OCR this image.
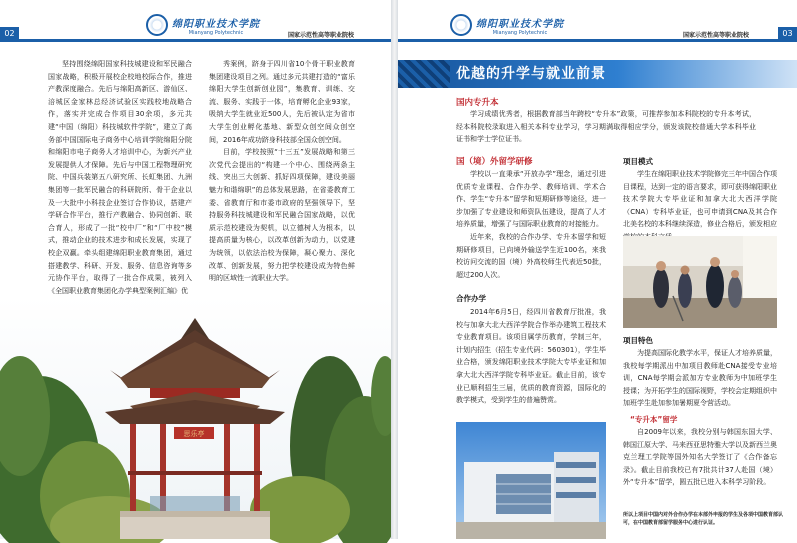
02
绵阳职业技术学院
Mianyang Polytechnic	国家示范性高等职业院校

坚持围绕绵阳国家科技城建设和军民融合国家战略，积极开展校企校地校际合作，推进产教深度融合。先后与绵阳高新区、游仙区、涪城区金家林总经济试验区实践校地战略合作，落实并完成合作项目30余项，多元共建“中国（绵阳）科技城软件学院”，建立了高务部中国国际电子商务中心培训学院绵阳分院和绵阳市电子商务人才培训中心，为新兴产业发展提供人才保障。先后与中国工程物理研究院、中国兵装第五八研究所、长虹集团、九洲集团等一批军民融合的科研院所、骨干企业以及一大批中小科技企业签订合作协议，搭建产学研合作平台，推行产教融合、协同创新、联合育人，形成了一批“校中厂”和“厂中校”模式，推动企业的技术进步和成长发展，实现了校企双赢。牵头组建绵阳职业教育集团，通过搭建教学、科研、开发、服务、信息咨询等多元协作平台，取得了一批合作成果，被列入《全国职业教育集团化办学典型案例汇编》优

秀案例，跻身于四川省10个骨干职业教育集团建设项目之列。通过多元共建打造的“富乐绵阳大学生创新创业园”，集教育、训练、交流、服务、实践于一体，培育孵化企业93家，吸纳大学生就业近500人，先后被认定为省市大学生创业孵化基地、新型众创空间众创空间，2016年成功跻身科技部全国众创空间。

目前，学校按照“十三五”发展战略和第三次党代会提出的“构建一个中心、围绕两条主线、突出三大创新、抓好四项保障，建设美丽魅力和谐绵职”的总体发展思路，在省委教育工委、省教育厅和市委市政府的坚强领导下，坚持服务科技城建设和军民融合国家战略，以优质示范校建设为契机，以立德树人为根本，以提高质量为核心，以改革创新为动力，以党建为统领，以依法治校为保障，凝心聚力、深化改革、创新发展，努力把学校建设成为特色鲜明的区域性一流职业大学。

思乐亭
03
绵阳职业技术学院
Mianyang Polytechnic	国家示范性高等职业院校
优越的升学与就业前景
国内专升本

学习成绩优秀者，根据教育部当年跨校“专升本”政策，可推荐参加本科院校的专升本考试，经本科院校录取进入相关本科专业学习，学习期满取得相应学分，颁发该院校普通大学本科毕业证书和学士学位证书。

国（境）外留学研修

学校以一直秉承“开放办学”理念，通过引进优质专业课程、合作办学、教师培训、学术合作、学生“专升本”留学和短期研修等途径，进一步加强了专业建设和师资队伍建设，提高了人才培养质量，增强了与国际职业教育的对接能力。

近年来，我校的合作办学、专升本留学和短期研修项目，已向境外输送学生近100名，来我校访问交流的国（境）外高校师生代表近50批，超过200人次。

合作办学

2014年6月5日，经四川省教育厅批准，我校与加拿大北大西洋学院合作举办建筑工程技术专业教育项目。该项目属学历教育，学制三年，计划内招生（招生专业代码：560301），学生毕业合格，颁发绵阳职业技术学院大专毕业证和加拿大北大西洋学院专科毕业证。截止目前，该专业已顺利招生三届，优质的教育资源，国际化的教学模式，受到学生的普遍赞赏。

项目模式

学生在绵阳职业技术学院修完三年中国合作项目课程，达到一定的语言要求，即可获得绵阳职业技术学院大专毕业证和加拿大北大西洋学院（CNA）专科毕业证，也可申请到CNA及其合作北美名校的本科继续深造，修业合格后，颁发相应

项目特色

为提高国际化教学水平，保证人才培养质量，我校每学期派出中加项目教师赴CNA接受专业培训，CNA每学期会派加方专业教师为中加班学生授课；为开拓学生的国际视野，学校会定期组织中加班学生赴加参加暑期夏令营活动。

“专升本”留学

自2009年以来，我校分别与韩国东国大学、韩国江原大学、马来西亚思特雅大学以及新西兰奥克兰理工学院等国外知名大学签订了《合作备忘录》。截止目前我校已有7批共计37人赴国（境）外“专升本”留学，圆五批已进入本科学习阶段。

所以上项目中国内对外合作办学在本部外申报的学生及各项中国教育部认可，在中国教育部留学服务中心进行认证。
